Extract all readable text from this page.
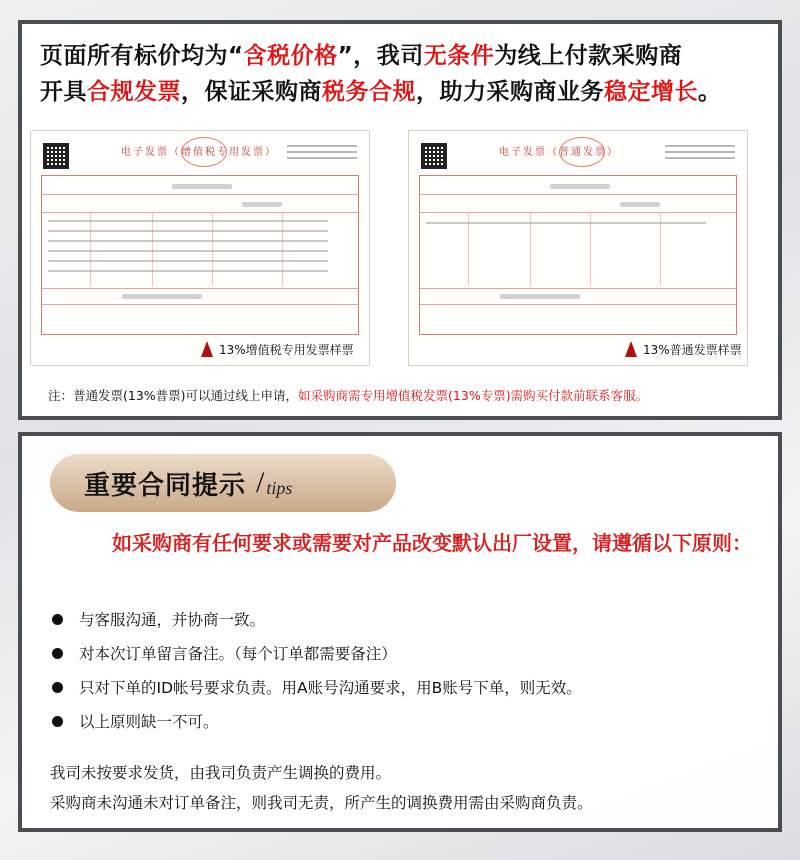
页面所有标价均为“含税价格”，我司无条件为线上付款采购商
开具合规发票，保证采购商税务合规，助力采购商业务稳定增长。
电子发票（增值税专用发票）
13%增值税专用发票样票
电子发票（普通发票）
13%普通发票样票
注：普通发票(13%普票)可以通过线上申请，如采购商需专用增值税发票(13%专票)需购买付款前联系客服。
重要合同提示 / tips
如采购商有任何要求或需要对产品改变默认出厂设置，请遵循以下原则：
与客服沟通，并协商一致。
对本次订单留言备注。（每个订单都需要备注）
只对下单的ID帐号要求负责。用A账号沟通要求，用B账号下单，则无效。
以上原则缺一不可。

我司未按要求发货，由我司负责产生调换的费用。

采购商未沟通未对订单备注，则我司无责，所产生的调换费用需由采购商负责。
